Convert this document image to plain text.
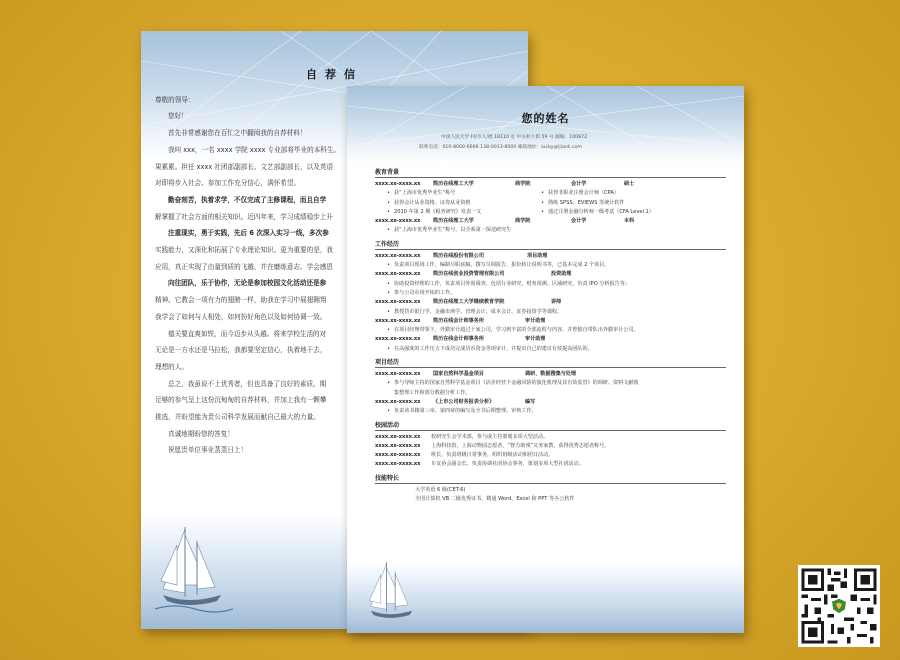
自荐信

尊敬的领导：

您好！

首先非常感谢您在百忙之中翻阅我的自荐材料！

我叫 xxx，一名 xxxx 学院 xxxx 专业部将毕业的本科生。

果累累。担任 xxxx 社团部副部长、文艺部副部长，以及英语

对即将步入社会、参加工作充分信心，满怀希望。

勤奋刻苦，执着求学，不仅完成了主修课程，而且自学

解掌握了社会方面的相关知识。近四年来，学习成绩稳步上升

注重现实，勇于实践，先后 6 次深入实习一线，多次参

实践能力，又深化和拓展了专业理论知识。更为重要的是，我

应用，真正实现了由量到质的飞越，并在磨练意志、学会感恩

向往团队，乐于协作，无论是参加校园文化活动还是参

精神。它教会一项有力的翅膀一样，助我在学习中展翅翱翔

我学会了如何与人相处，如何扮好角色以及如何协调一致。

德关要直爽如铁，而今迈步从头越。将来学校生活的对

无论是一方水还是马拉松，我都要坚定信心，执着地干去，

理想的人。

总之，我虽说不上优秀者，但也具备了良好的素质。期

足够的参气呈上这份沉甸甸的自荐材料，并加上我有一颗攀

挑选，并盼望能为贵公司科学发展而献自己最大的力量。

真诚地期盼您的答复！

祝愿贵单位事业蒸蒸日上！

您的姓名
中国人民大学 村/市人/楼 18110 室 中关村大街 59 号 邮编：100872
联系电话：010-8000-6666 138-0013-8000 邮箱地址：lucky@ljianli.com
教育背景
xxxx.xx-xxxx.xx 简历在线理工大学	商学院	会计学	硕士
• 获“上海市优秀毕业生”称号	• 获得非职业注册会计师（CPA）
• 获得会计从业资格、证券从业资格	• 熟练 SPSS、EVIEWS 等统计软件
• 2010 年第 2 期《税务研究》发表一文	• 通过注册金融分析师一级考试（CFA Level 1）
xxxx.xx-xxxx.xx 简历在线理工大学	商学院	会计学	本科
• 获“上海市优秀毕业生”称号，以全系第一保送研究生
工作经历
xxxx.xx-xxxx.xx 简历在线股份有限公司	项目助理
• 负责项目现场工作，编制尽职底稿，撰写尽调报告、报价转让说明书等，已基本完成 2 个项目。
xxxx.xx-xxxx.xx 简历在线创业投资管理有限公司	投资助理
• 协助投资经理的工作，负责项目外围调查，包括行业研究、财务预测、区域研究，负责 IPO 分析报告等；
• 参与公司市场开拓的工作。
xxxx.xx-xxxx.xx 简历在线理工大学继续教育学院	讲师
• 教授货币银行学、金融市场学、管理会计、成本会计、证券投资学等课程。
xxxx.xx-xxxx.xx 简历在线会计师事务所	审计助理
• 在项目经理带领下，外勤审计超过十家公司，学习到丰富的全部流程与内容，并曾独自带队出外勤审计公司。
xxxx.xx-xxxx.xx 简历在线会计师事务所	审计助理
• 在高强度的工作压力下成功完成货币资金等项审计，并提出自己的建议有效提高团队的。
项目经历
xxxx.xx-xxxx.xx 国家自然科学基金项目	调研、数据搜集与处理
• 参与导师主持的国家自然科学基金项目《活企经营下金融风险的演化机理及其有效监管》的调研、资料文献收
集整理工作和部分数据分析工作。
xxxx.xx-xxxx.xx 《上市公司财务报表分析》	编写
• 负责该书籍第三章、第四章的编写及全书后期整理、审核工作。
校园活动
xxxx.xx-xxxx.xx 校研究生会学术部，参与或主持策划多项大型活动。
xxxx.xx-xxxx.xx 上海科技馆、上海动物园志愿者，“智力助残”义务家教，获得优秀志愿者称号。
xxxx.xx-xxxx.xx 班长，负责班级日常事务，组织班级活动和团日活动。
xxxx.xx-xxxx.xx 车友协会副会长，负责协调社团协会事务，策划多项大型社团活动。
技能特长
大学英语 6 级(CET-6)
全国计算机 VB 二级优秀证书，精通 Word、Excel 和 PPT 等办公软件
